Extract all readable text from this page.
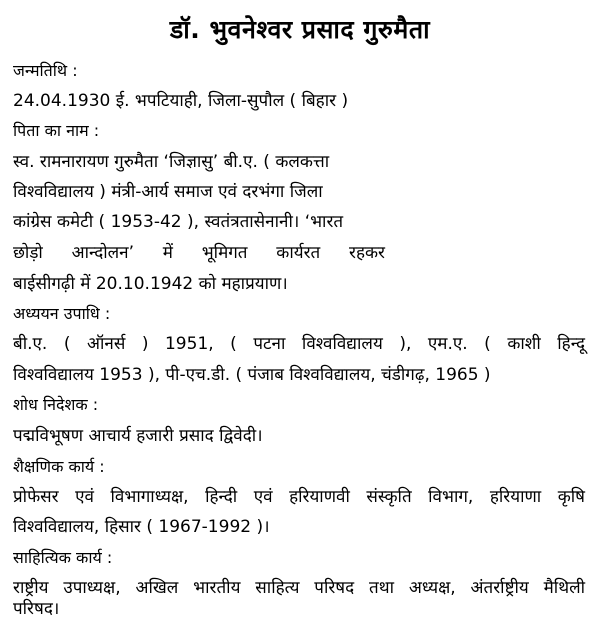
डॉ. भुवनेश्वर प्रसाद गुरुमैता
जन्मतिथि :
24.04.1930 ई. भपटियाही, जिला-सुपौल ( बिहार )
पिता का नाम :
स्व. रामनारायण गुरुमैता ‘जिज्ञासु’ बी.ए. ( कलकत्ता
विश्वविद्यालय ) मंत्री-आर्य समाज एवं दरभंगा जिला
कांग्रेस कमेटी ( 1953-42 ), स्वतंत्रतासेनानी। ‘भारत
छोड़ो आन्दोलन’ में भूमिगत कार्यरत रहकर
बाईसीगढ़ी में 20.10.1942 को महाप्रयाण।
अध्ययन उपाधि :
बी.ए. ( ऑनर्स ) 1951, ( पटना विश्वविद्यालय ), एम.ए. ( काशी हिन्दू
विश्वविद्यालय 1953 ), पी-एच.डी. ( पंजाब विश्वविद्यालय, चंडीगढ़, 1965 )
शोध निदेशक :
पद्मविभूषण आचार्य हजारी प्रसाद द्विवेदी।
शैक्षणिक कार्य :
प्रोफेसर एवं विभागाध्यक्ष, हिन्दी एवं हरियाणवी संस्कृति विभाग, हरियाणा कृषि
विश्वविद्यालय, हिसार ( 1967-1992 )।
साहित्यिक कार्य :
राष्ट्रीय उपाध्यक्ष, अखिल भारतीय साहित्य परिषद तथा अध्यक्ष, अंतर्राष्ट्रीय मैथिली
परिषद।
